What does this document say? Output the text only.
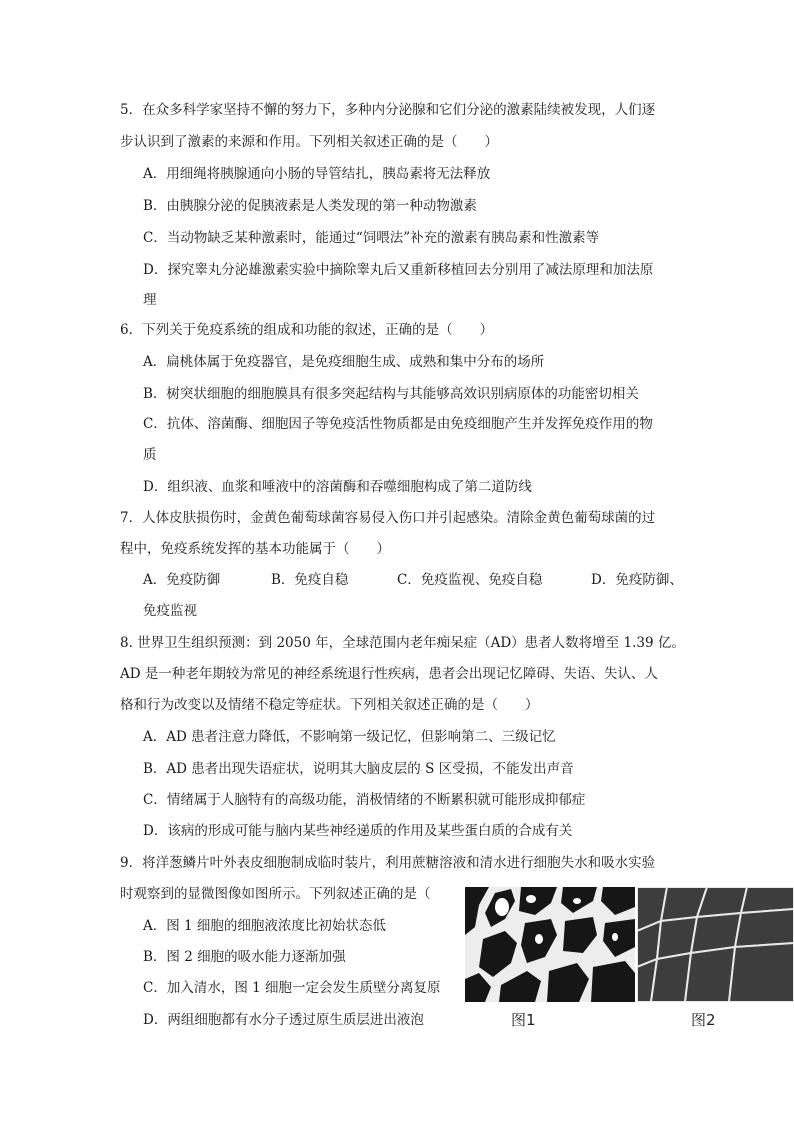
5．在众多科学家坚持不懈的努力下，多种内分泌腺和它们分泌的激素陆续被发现，人们逐
步认识到了激素的来源和作用。下列相关叙述正确的是（　　）
A．用细绳将胰腺通向小肠的导管结扎，胰岛素将无法释放
B．由胰腺分泌的促胰液素是人类发现的第一种动物激素
C．当动物缺乏某种激素时，能通过“饲喂法”补充的激素有胰岛素和性激素等
D．探究睾丸分泌雄激素实验中摘除睾丸后又重新移植回去分别用了减法原理和加法原
理
6．下列关于免疫系统的组成和功能的叙述，正确的是（　　）
A．扁桃体属于免疫器官，是免疫细胞生成、成熟和集中分布的场所
B．树突状细胞的细胞膜具有很多突起结构与其能够高效识别病原体的功能密切相关
C．抗体、溶菌酶、细胞因子等免疫活性物质都是由免疫细胞产生并发挥免疫作用的物
质
D．组织液、血浆和唾液中的溶菌酶和吞噬细胞构成了第二道防线
7．人体皮肤损伤时，金黄色葡萄球菌容易侵入伤口并引起感染。清除金黄色葡萄球菌的过
程中，免疫系统发挥的基本功能属于（　　）
A．免疫防御	B．免疫自稳	C．免疫监视、免疫自稳	D．免疫防御、
免疫监视
8. 世界卫生组织预测：到 2050 年，全球范围内老年痴呆症（AD）患者人数将增至 1.39 亿。
AD 是一种老年期较为常见的神经系统退行性疾病，患者会出现记忆障碍、失语、失认、人
格和行为改变以及情绪不稳定等症状。下列相关叙述正确的是（　　）
A．AD 患者注意力降低，不影响第一级记忆，但影响第二、三级记忆
B．AD 患者出现失语症状，说明其大脑皮层的 S 区受损，不能发出声音
C．情绪属于人脑特有的高级功能，消极情绪的不断累积就可能形成抑郁症
D．该病的形成可能与脑内某些神经递质的作用及某些蛋白质的合成有关
9．将洋葱鳞片叶外表皮细胞制成临时装片，利用蔗糖溶液和清水进行细胞失水和吸水实验
时观察到的显微图像如图所示。下列叙述正确的是（
A．图 1 细胞的细胞液浓度比初始状态低
B．图 2 细胞的吸水能力逐渐加强
C．加入清水，图 1 细胞一定会发生质壁分离复原
D．两组细胞都有水分子透过原生质层进出液泡	图1	图2
